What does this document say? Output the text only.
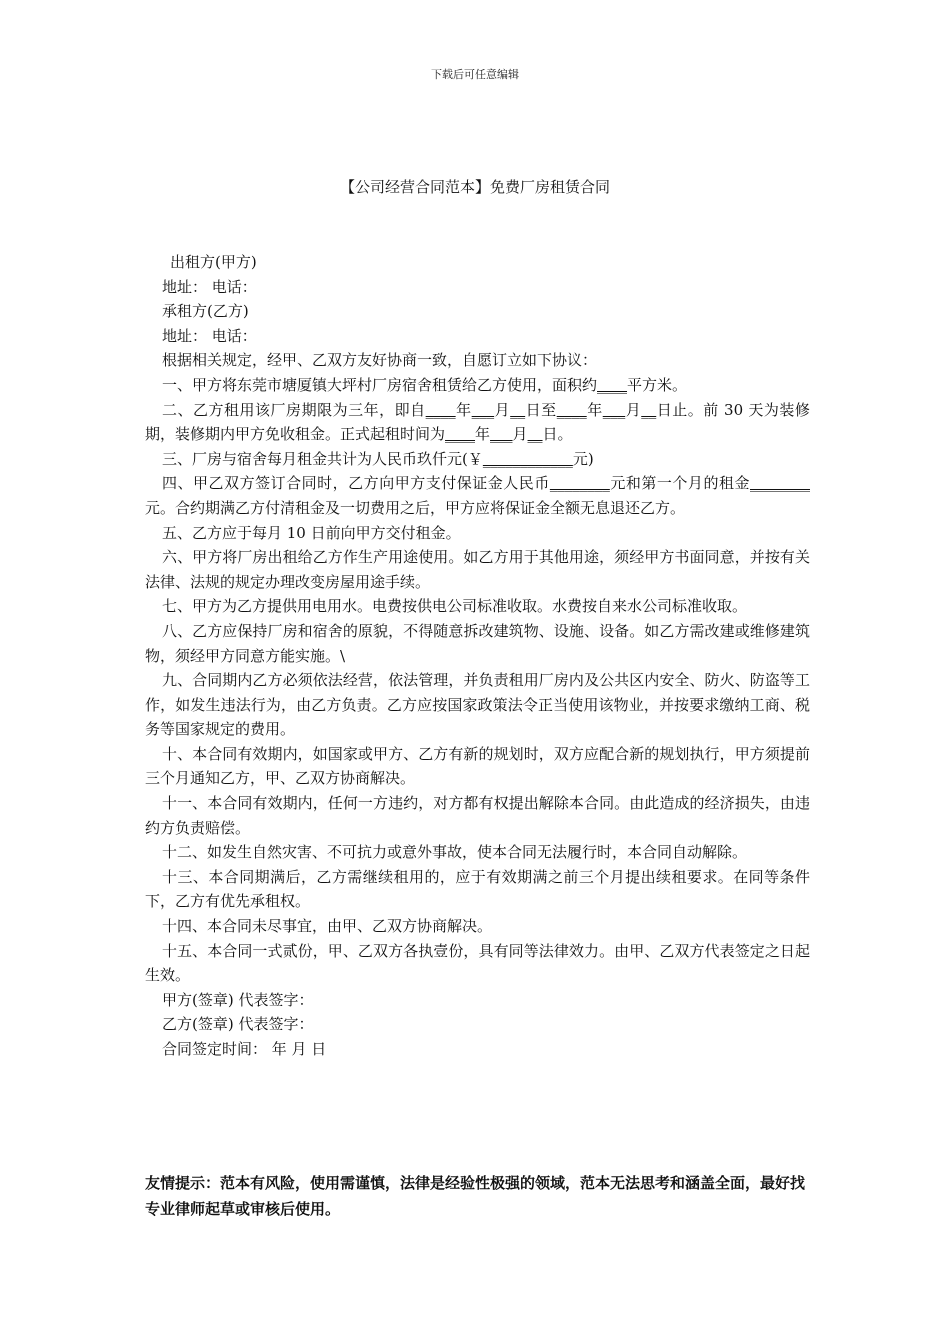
下载后可任意编辑
【公司经营合同范本】免费厂房租赁合同

出租方(甲方)

地址： 电话：

承租方(乙方)

地址： 电话：

根据相关规定，经甲、乙双方友好协商一致，自愿订立如下协议：

一、甲方将东莞市塘厦镇大坪村厂房宿舍租赁给乙方使用，面积约____平方米。

二、乙方租用该厂房期限为三年，即自____年___月__日至____年___月__日止。前 30 天为装修期，装修期内甲方免收租金。正式起租时间为____年___月__日。

三、厂房与宿舍每月租金共计为人民币玖仟元(￥____________元)

四、甲乙双方签订合同时，乙方向甲方支付保证金人民币________元和第一个月的租金________元。合约期满乙方付清租金及一切费用之后，甲方应将保证金全额无息退还乙方。

五、乙方应于每月 10 日前向甲方交付租金。

六、甲方将厂房出租给乙方作生产用途使用。如乙方用于其他用途，须经甲方书面同意，并按有关法律、法规的规定办理改变房屋用途手续。

七、甲方为乙方提供用电用水。电费按供电公司标准收取。水费按自来水公司标准收取。

八、乙方应保持厂房和宿舍的原貌，不得随意拆改建筑物、设施、设备。如乙方需改建或维修建筑物，须经甲方同意方能实施。\

九、合同期内乙方必须依法经营，依法管理，并负责租用厂房内及公共区内安全、防火、防盗等工作，如发生违法行为，由乙方负责。乙方应按国家政策法令正当使用该物业，并按要求缴纳工商、税务等国家规定的费用。

十、本合同有效期内，如国家或甲方、乙方有新的规划时，双方应配合新的规划执行，甲方须提前三个月通知乙方，甲、乙双方协商解决。

十一、本合同有效期内，任何一方违约，对方都有权提出解除本合同。由此造成的经济损失，由违约方负责赔偿。

十二、如发生自然灾害、不可抗力或意外事故，使本合同无法履行时，本合同自动解除。

十三、本合同期满后，乙方需继续租用的，应于有效期满之前三个月提出续租要求。在同等条件下，乙方有优先承租权。

十四、本合同未尽事宜，由甲、乙双方协商解决。

十五、本合同一式贰份，甲、乙双方各执壹份，具有同等法律效力。由甲、乙双方代表签定之日起生效。

甲方(签章) 代表签字：

乙方(签章) 代表签字：

合同签定时间： 年 月 日

友情提示：范本有风险，使用需谨慎，法律是经验性极强的领域，范本无法思考和涵盖全面，最好找专业律师起草或审核后使用。
